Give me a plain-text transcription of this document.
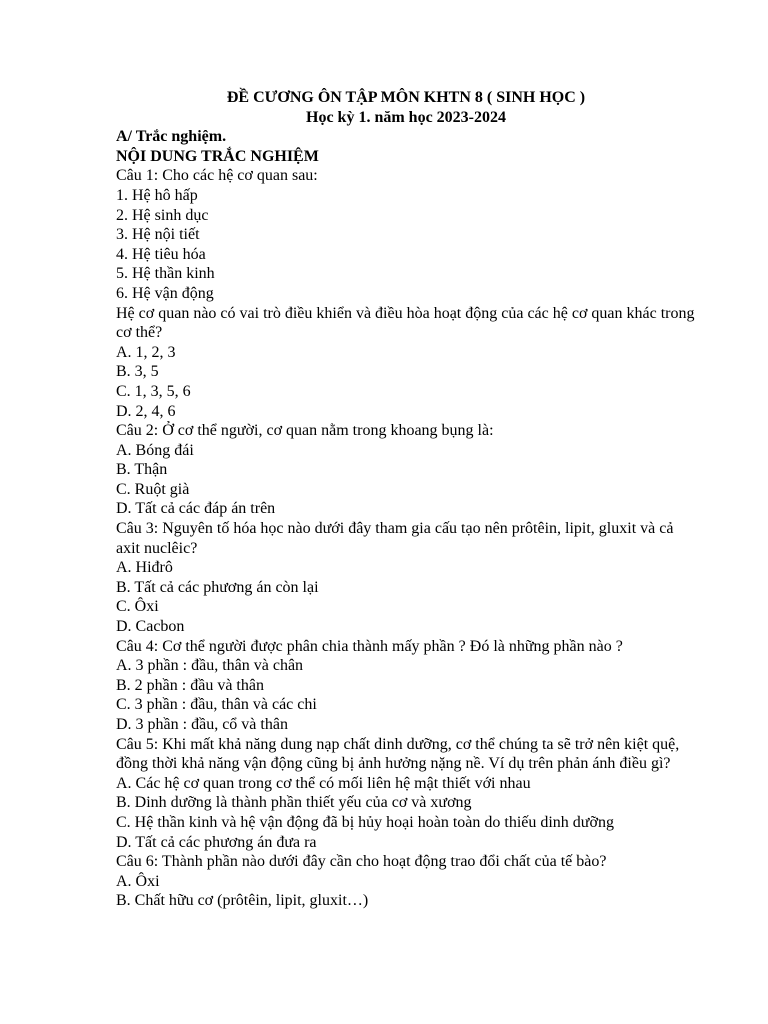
ĐỀ CƯƠNG ÔN TẬP MÔN KHTN 8 ( SINH HỌC )

Học kỳ 1. năm học 2023-2024

A/ Trắc nghiệm.

NỘI DUNG TRẮC NGHIỆM

Câu 1: Cho các hệ cơ quan sau:

1. Hệ hô hấp

2. Hệ sinh dục

3. Hệ nội tiết

4. Hệ tiêu hóa

5. Hệ thần kinh

6. Hệ vận động

Hệ cơ quan nào có vai trò điều khiển và điều hòa hoạt động của các hệ cơ quan khác trong cơ thể?

A. 1, 2, 3

B. 3, 5

C. 1, 3, 5, 6

D. 2, 4, 6

Câu 2: Ở cơ thể người, cơ quan nằm trong khoang bụng là:

A. Bóng đái

B. Thận

C. Ruột già

D. Tất cả các đáp án trên

Câu 3: Nguyên tố hóa học nào dưới đây tham gia cấu tạo nên prôtêin, lipit, gluxit và cả axit nuclêic?

A. Hiđrô

B. Tất cả các phương án còn lại

C. Ôxi

D. Cacbon

Câu 4: Cơ thể người được phân chia thành mấy phần ? Đó là những phần nào ?

A. 3 phần : đầu, thân và chân

B. 2 phần : đầu và thân

C. 3 phần : đầu, thân và các chi

D. 3 phần : đầu, cổ và thân

Câu 5: Khi mất khả năng dung nạp chất dinh dưỡng, cơ thể chúng ta sẽ trở nên kiệt quệ, đồng thời khả năng vận động cũng bị ảnh hưởng nặng nề. Ví dụ trên phản ánh điều gì?

A. Các hệ cơ quan trong cơ thể có mối liên hệ mật thiết với nhau

B. Dinh dưỡng là thành phần thiết yếu của cơ và xương

C. Hệ thần kinh và hệ vận động đã bị hủy hoại hoàn toàn do thiếu dinh dưỡng

D. Tất cả các phương án đưa ra

Câu 6: Thành phần nào dưới đây cần cho hoạt động trao đổi chất của tế bào?

A. Ôxi

B. Chất hữu cơ (prôtêin, lipit, gluxit…)
